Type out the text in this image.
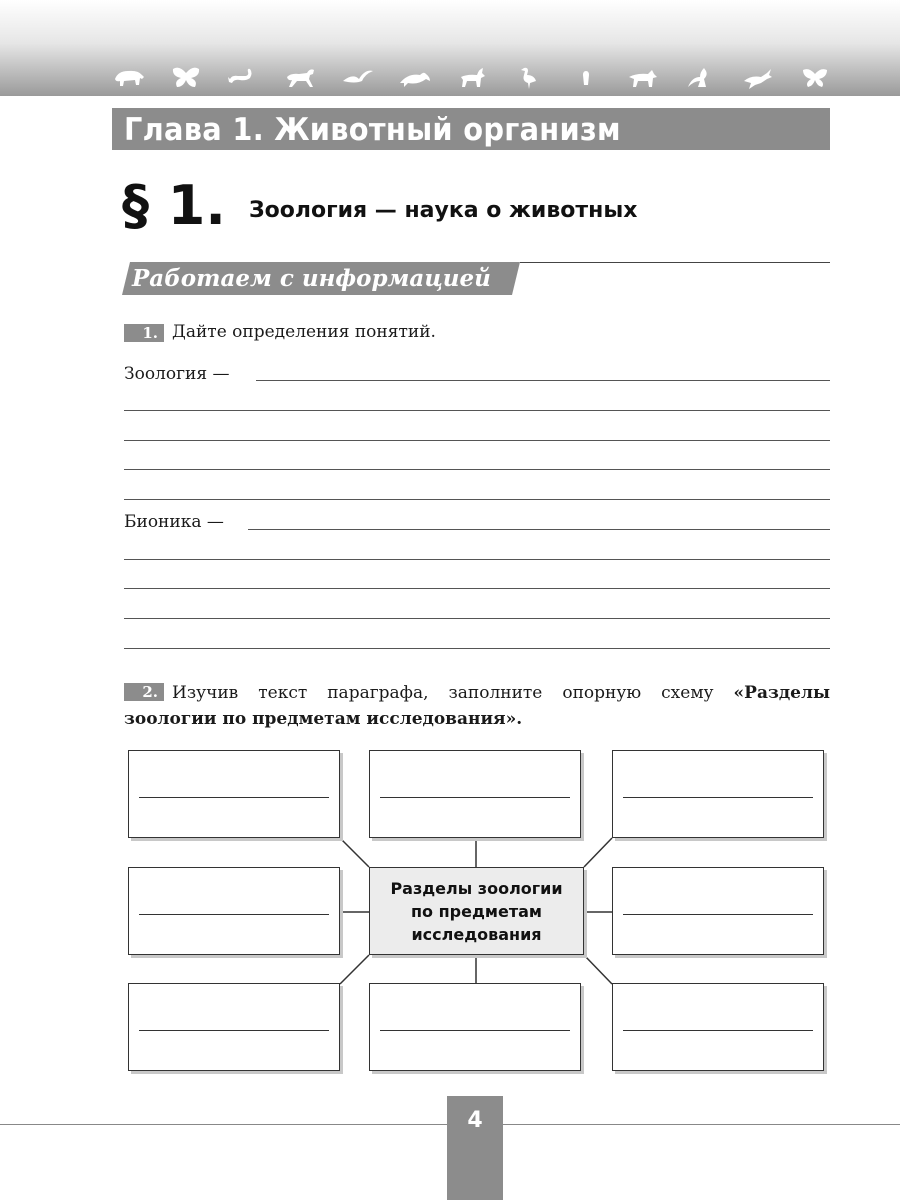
Глава 1. Животный организм
§ 1. Зоология — наука о животных
Работаем с информацией
1. Дайте определения понятий.
Зоология —
Бионика —
2. Изучив текст параграфа, заполните опорную схему «Разделы зоологии по предметам исследования».
Разделы зоологии
по предметам
исследования
4
